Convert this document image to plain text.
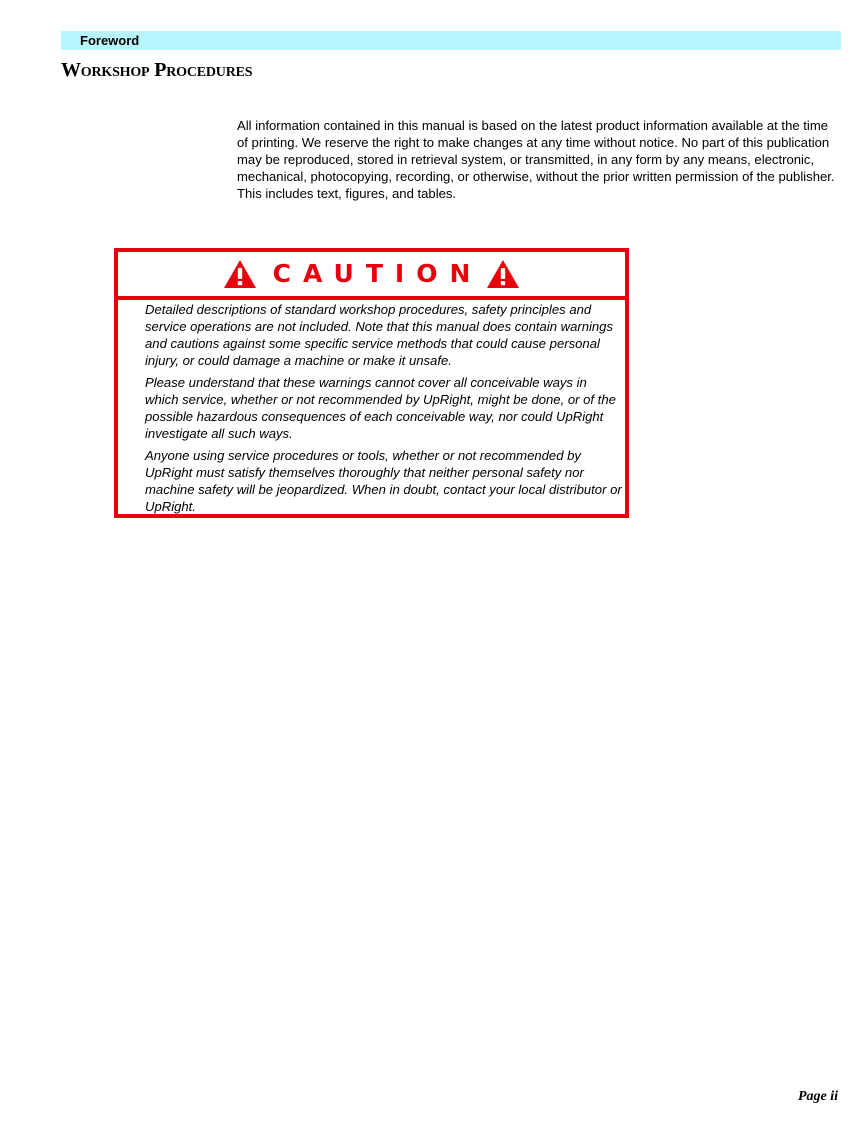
Foreword
Workshop Procedures

All information contained in this manual is based on the latest product information available at the time of printing. We reserve the right to make changes at any time without notice. No part of this publication may be reproduced, stored in retrieval system, or transmitted, in any form by any means, electronic, mechanical, photocopying, recording, or otherwise, without the prior written permission of the publisher. This includes text, figures, and tables.

CAUTION

Detailed descriptions of standard workshop procedures, safety principles and service operations are not included. Note that this manual does contain warnings and cautions against some specific service methods that could cause personal injury, or could damage a machine or make it unsafe.

Please understand that these warnings cannot cover all conceivable ways in which service, whether or not recommended by UpRight, might be done, or of the possible hazardous consequences of each conceivable way, nor could UpRight investigate all such ways.

Anyone using service procedures or tools, whether or not recommended by UpRight must satisfy themselves thoroughly that neither personal safety nor machine safety will be jeopardized. When in doubt, contact your local distributor or UpRight.

Page ii
